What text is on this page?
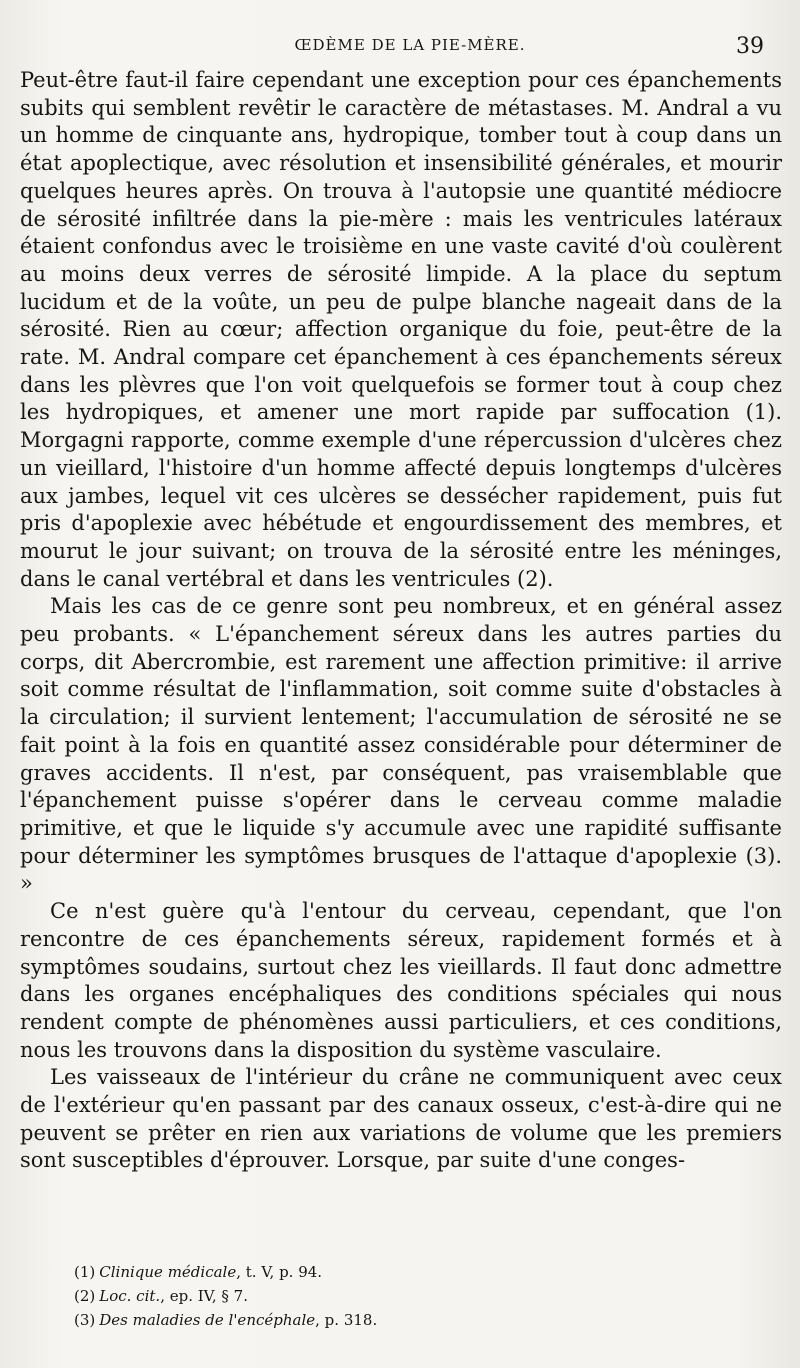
ŒDÈME DE LA PIE-MÈRE.	39

Peut-être faut-il faire cependant une exception pour ces épanchements subits qui semblent revêtir le caractère de métastases. M. Andral a vu un homme de cinquante ans, hydropique, tomber tout à coup dans un état apoplectique, avec résolution et insensibilité générales, et mourir quelques heures après. On trouva à l'autopsie une quantité médiocre de sérosité infiltrée dans la pie-mère : mais les ventricules latéraux étaient confondus avec le troisième en une vaste cavité d'où coulèrent au moins deux verres de sérosité limpide. A la place du septum lucidum et de la voûte, un peu de pulpe blanche nageait dans de la sérosité. Rien au cœur; affection organique du foie, peut-être de la rate. M. Andral compare cet épanchement à ces épanchements séreux dans les plèvres que l'on voit quelquefois se former tout à coup chez les hydropiques, et amener une mort rapide par suffocation (1). Morgagni rapporte, comme exemple d'une répercussion d'ulcères chez un vieillard, l'histoire d'un homme affecté depuis longtemps d'ulcères aux jambes, lequel vit ces ulcères se dessécher rapidement, puis fut pris d'apoplexie avec hébétude et engourdissement des membres, et mourut le jour suivant; on trouva de la sérosité entre les méninges, dans le canal vertébral et dans les ventricules (2).

Mais les cas de ce genre sont peu nombreux, et en général assez peu probants. « L'épanchement séreux dans les autres parties du corps, dit Abercrombie, est rarement une affection primitive: il arrive soit comme résultat de l'inflammation, soit comme suite d'obstacles à la circulation; il survient lentement; l'accumulation de sérosité ne se fait point à la fois en quantité assez considérable pour déterminer de graves accidents. Il n'est, par conséquent, pas vraisemblable que l'épanchement puisse s'opérer dans le cerveau comme maladie primitive, et que le liquide s'y accumule avec une rapidité suffisante pour déterminer les symptômes brusques de l'attaque d'apoplexie (3). »

Ce n'est guère qu'à l'entour du cerveau, cependant, que l'on rencontre de ces épanchements séreux, rapidement formés et à symptômes soudains, surtout chez les vieillards. Il faut donc admettre dans les organes encéphaliques des conditions spéciales qui nous rendent compte de phénomènes aussi particuliers, et ces conditions, nous les trouvons dans la disposition du système vasculaire.

Les vaisseaux de l'intérieur du crâne ne communiquent avec ceux de l'extérieur qu'en passant par des canaux osseux, c'est-à-dire qui ne peuvent se prêter en rien aux variations de volume que les premiers sont susceptibles d'éprouver. Lorsque, par suite d'une conges-

(1) Clinique médicale, t. V, p. 94.

(2) Loc. cit., ep. IV, § 7.

(3) Des maladies de l'encéphale, p. 318.
